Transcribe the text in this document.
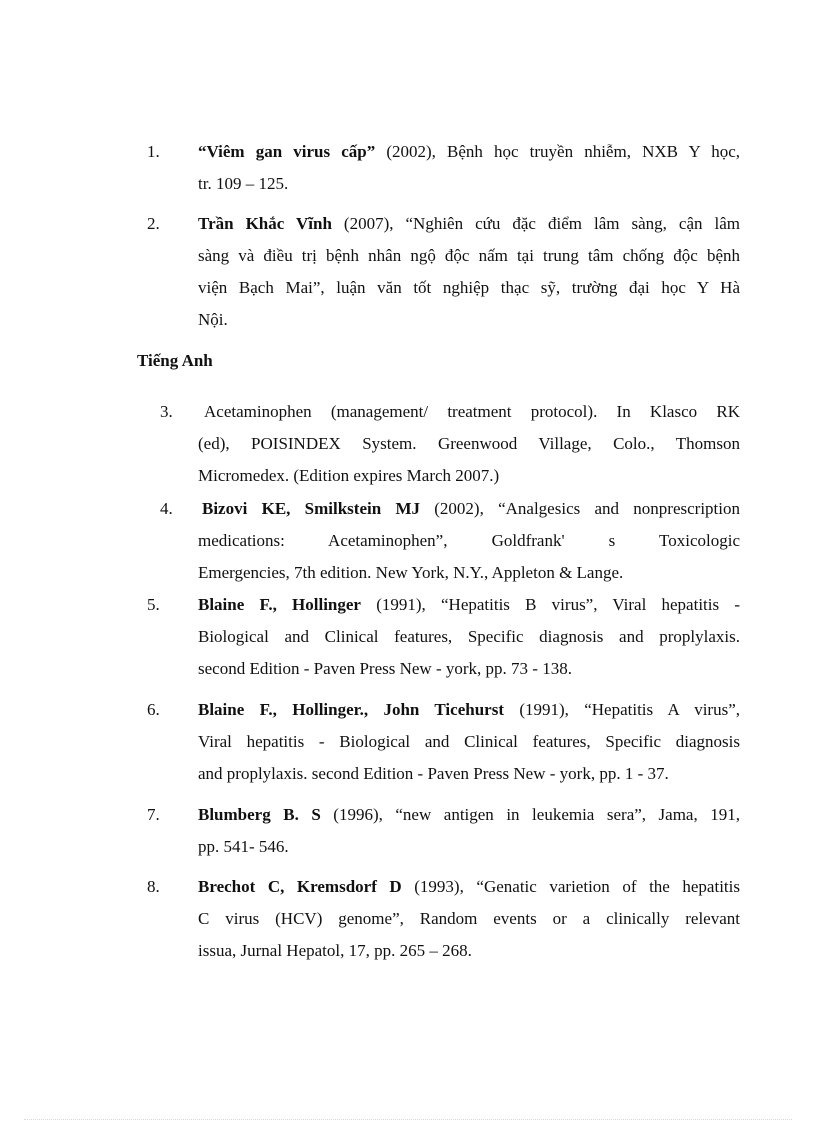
1. “Viêm gan virus cấp” (2002), Bệnh học truyền nhiễm, NXB Y học,
tr. 109 – 125.
2. Trần Khắc Vĩnh (2007), “Nghiên cứu đặc điểm lâm sàng, cận lâm
sàng và điều trị bệnh nhân ngộ độc nấm tại trung tâm chống độc bệnh
viện Bạch Mai”, luận văn tốt nghiệp thạc sỹ, trường đại học Y Hà
Nội.
Tiếng Anh
3.	Acetaminophen (management/ treatment protocol). In Klasco RK
(ed), POISINDEX System. Greenwood Village, Colo., Thomson
Micromedex. (Edition expires March 2007.)
4. Bizovi KE, Smilkstein MJ (2002), “Analgesics and nonprescription
medications: Acetaminophen”, Goldfrank' s Toxicologic
Emergencies, 7th edition. New York, N.Y., Appleton & Lange.
5. Blaine F., Hollinger (1991), “Hepatitis B virus”, Viral hepatitis -
Biological and Clinical features, Specific diagnosis and proplylaxis.
second Edition - Paven Press New - york, pp. 73 - 138.
6. Blaine F., Hollinger., John Ticehurst (1991), “Hepatitis A virus”,
Viral hepatitis - Biological and Clinical features, Specific diagnosis
and proplylaxis. second Edition - Paven Press New - york, pp. 1 - 37.
7. Blumberg B. S (1996), “new antigen in leukemia sera”, Jama, 191,
pp. 541- 546.
8. Brechot C, Kremsdorf D (1993), “Genatic varietion of the hepatitis
C virus (HCV) genome”, Random events or a clinically relevant
issua, Jurnal Hepatol, 17, pp. 265 – 268.
